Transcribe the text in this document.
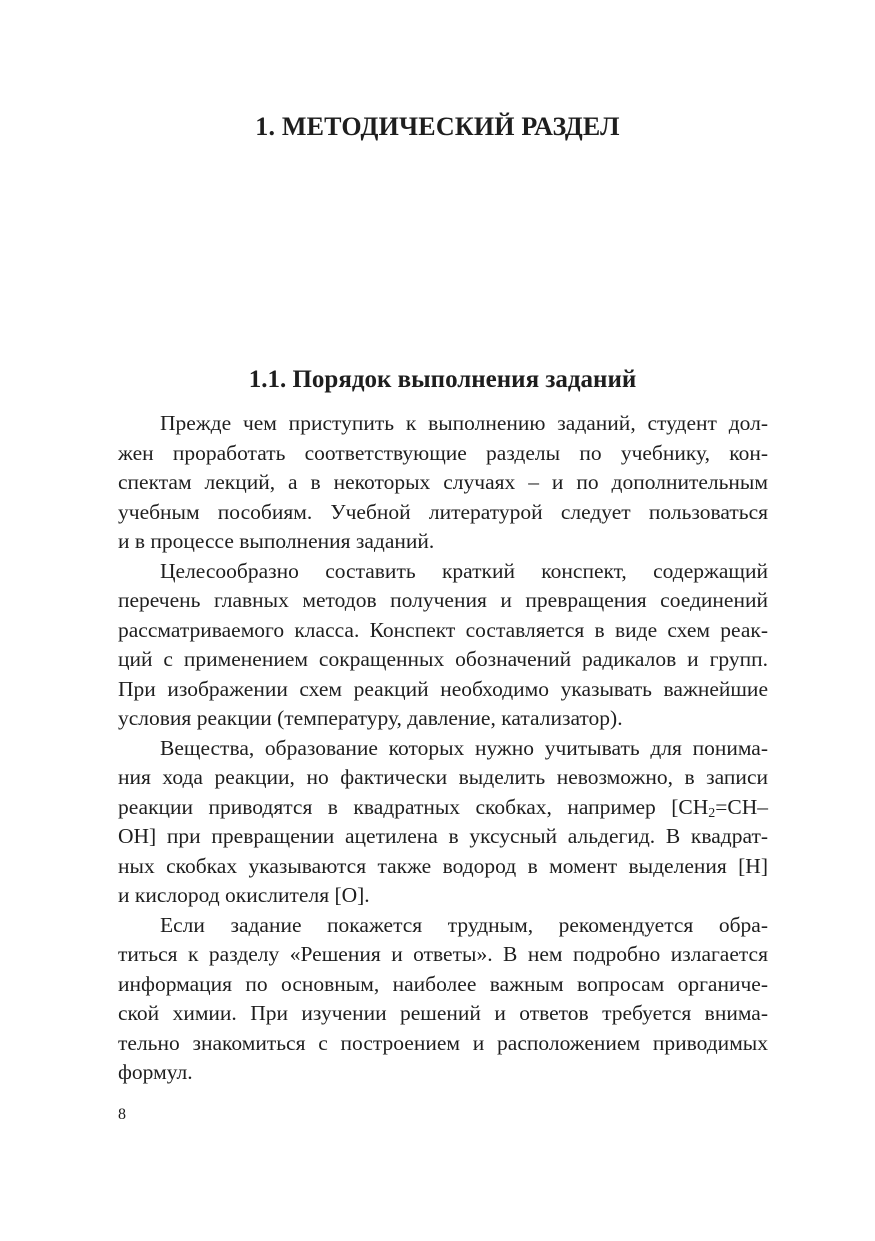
1. МЕТОДИЧЕСКИЙ РАЗДЕЛ
1.1. Порядок выполнения заданий
Прежде чем приступить к выполнению заданий, студент дол-
жен проработать соответствующие разделы по учебнику, кон-
спектам лекций, а в некоторых случаях – и по дополнительным
учебным пособиям. Учебной литературой следует пользоваться
и в процессе выполнения заданий.
Целесообразно составить краткий конспект, содержащий
перечень главных методов получения и превращения соединений
рассматриваемого класса. Конспект составляется в виде схем реак-
ций с применением сокращенных обозначений радикалов и групп.
При изображении схем реакций необходимо указывать важнейшие
условия реакции (температуру, давление, катализатор).
Вещества, образование которых нужно учитывать для понима-
ния хода реакции, но фактически выделить невозможно, в записи
реакции приводятся в квадратных скобках, например [$CH_2=CH-$
OH] при превращении ацетилена в уксусный альдегид. В квадрат-
ных скобках указываются также водород в момент выделения [H]
и кислород окислителя [O].
Если задание покажется трудным, рекомендуется обра-
титься к разделу «Решения и ответы». В нем подробно излагается
информация по основным, наиболее важным вопросам органиче-
ской химии. При изучении решений и ответов требуется внима-
тельно знакомиться с построением и расположением приводимых
формул.

8
